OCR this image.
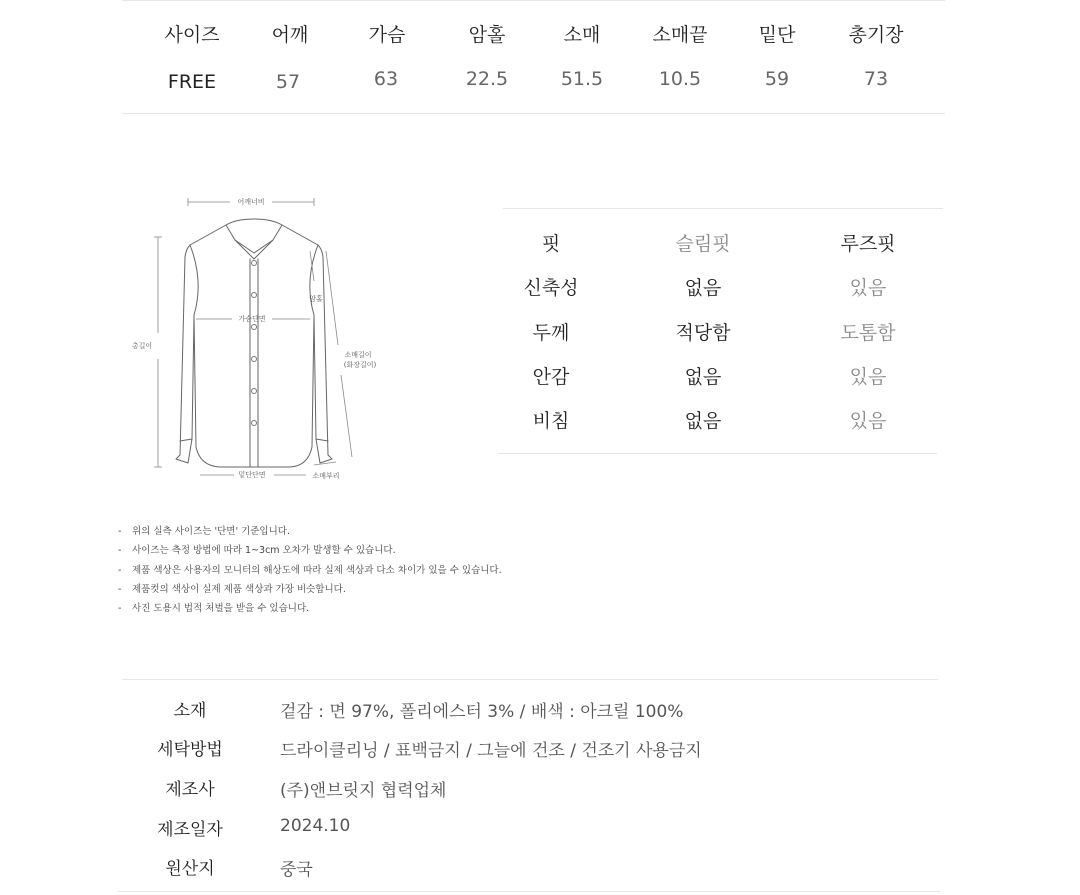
사이즈	어깨	가슴	암홀	소매	소매끝	밑단	총기장
FREE	57	63	22.5	51.5	10.5	59	73
어깨너비
가슴단면
암홀
총길이
소매길이
(화장길이)
밑단단면	소매부리
핏	슬림핏	루즈핏
신축성	없음	있음
두께	적당함	도톰함
안감	없음	있음
비침	없음	있음
- 위의 실측 사이즈는 '단면' 기준입니다.
- 사이즈는 측정 방법에 따라 1~3cm 오차가 발생할 수 있습니다.
- 제품 색상은 사용자의 모니터의 해상도에 따라 실제 색상과 다소 차이가 있을 수 있습니다.
- 제품컷의 색상이 실제 제품 색상과 가장 비슷합니다.
- 사진 도용시 법적 처벌을 받을 수 있습니다.
소재	겉감 : 면 97%, 폴리에스터 3% / 배색 : 아크릴 100%
세탁방법	드라이클리닝 / 표백금지 / 그늘에 건조 / 건조기 사용금지
제조사	(주)앤브릿지 협력업체
제조일자	2024.10
원산지	중국
